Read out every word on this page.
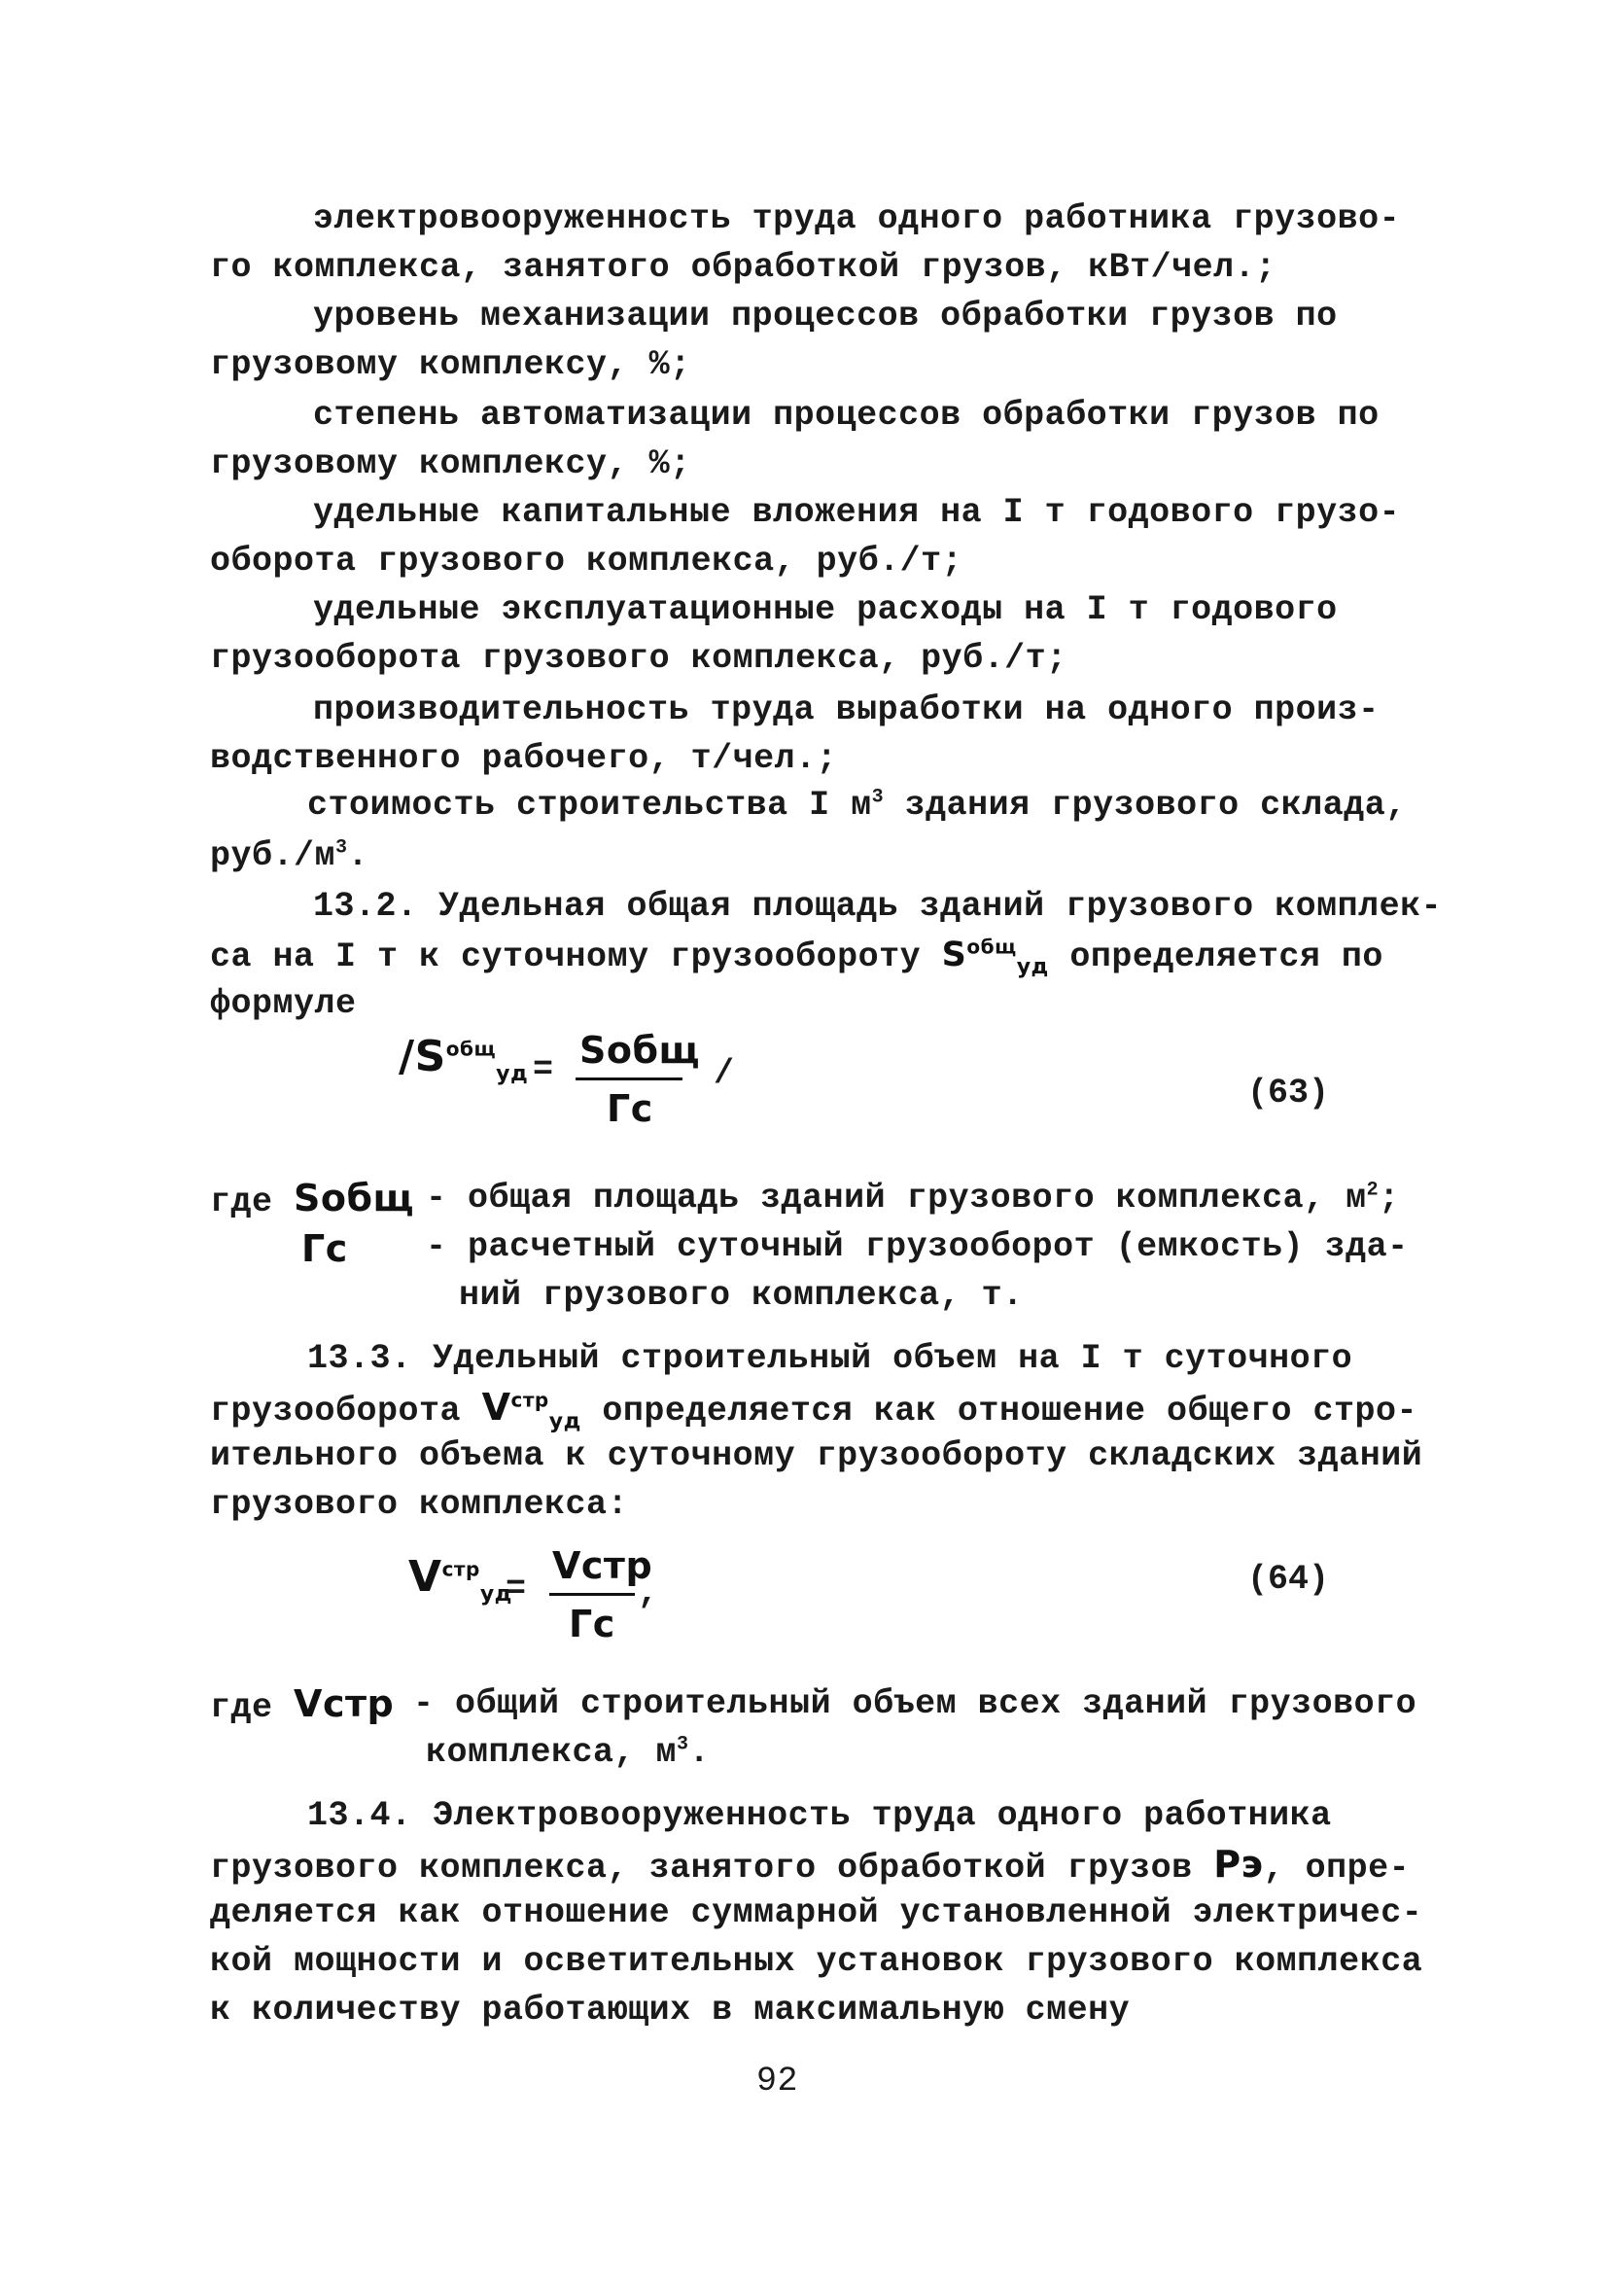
электровооруженность труда одного работника грузово-
го комплекса, занятого обработкой грузов, кВт/чел.;
уровень механизации процессов обработки грузов по
грузовому комплексу, %;
степень автоматизации процессов обработки грузов по
грузовому комплексу, %;
удельные капитальные вложения на I т годового грузо-
оборота грузового комплекса, руб./т;
удельные эксплуатационные расходы на I т годового
грузооборота грузового комплекса, руб./т;
производительность труда выработки на одного произ-
водственного рабочего, т/чел.;
стоимость строительства I $м^3$ здания грузового склада,
$руб./м^3$.
13.2. Удельная общая площадь зданий грузового комплек-
са на I т к суточному грузообороту $S^{общ}_{уд}$ определяется по
формуле
$/S^{общ}_{уд}$ = Sобщ
Гс
/	(63)
где Sобщ - общая площадь зданий грузового комплекса, $м^2$;
Гс - расчетный суточный грузооборот (емкость) зда-
ний грузового комплекса, т.
13.3. Удельный строительный объем на I т суточного
грузооборота $V^{стр}_{уд}$ определяется как отношение общего стро-
ительного объема к суточному грузообороту складских зданий
грузового комплекса:
$V^{стр}_{уд}$
=
Vстр
Гс
,	(64)
где Vстр - общий строительный объем всех зданий грузового
комплекса, $м^3$.
13.4. Электровооруженность труда одного работника
грузового комплекса, занятого обработкой грузов Рэ, опре-
деляется как отношение суммарной установленной электричес-
кой мощности и осветительных установок грузового комплекса
к количеству работающих в максимальную смену
92
